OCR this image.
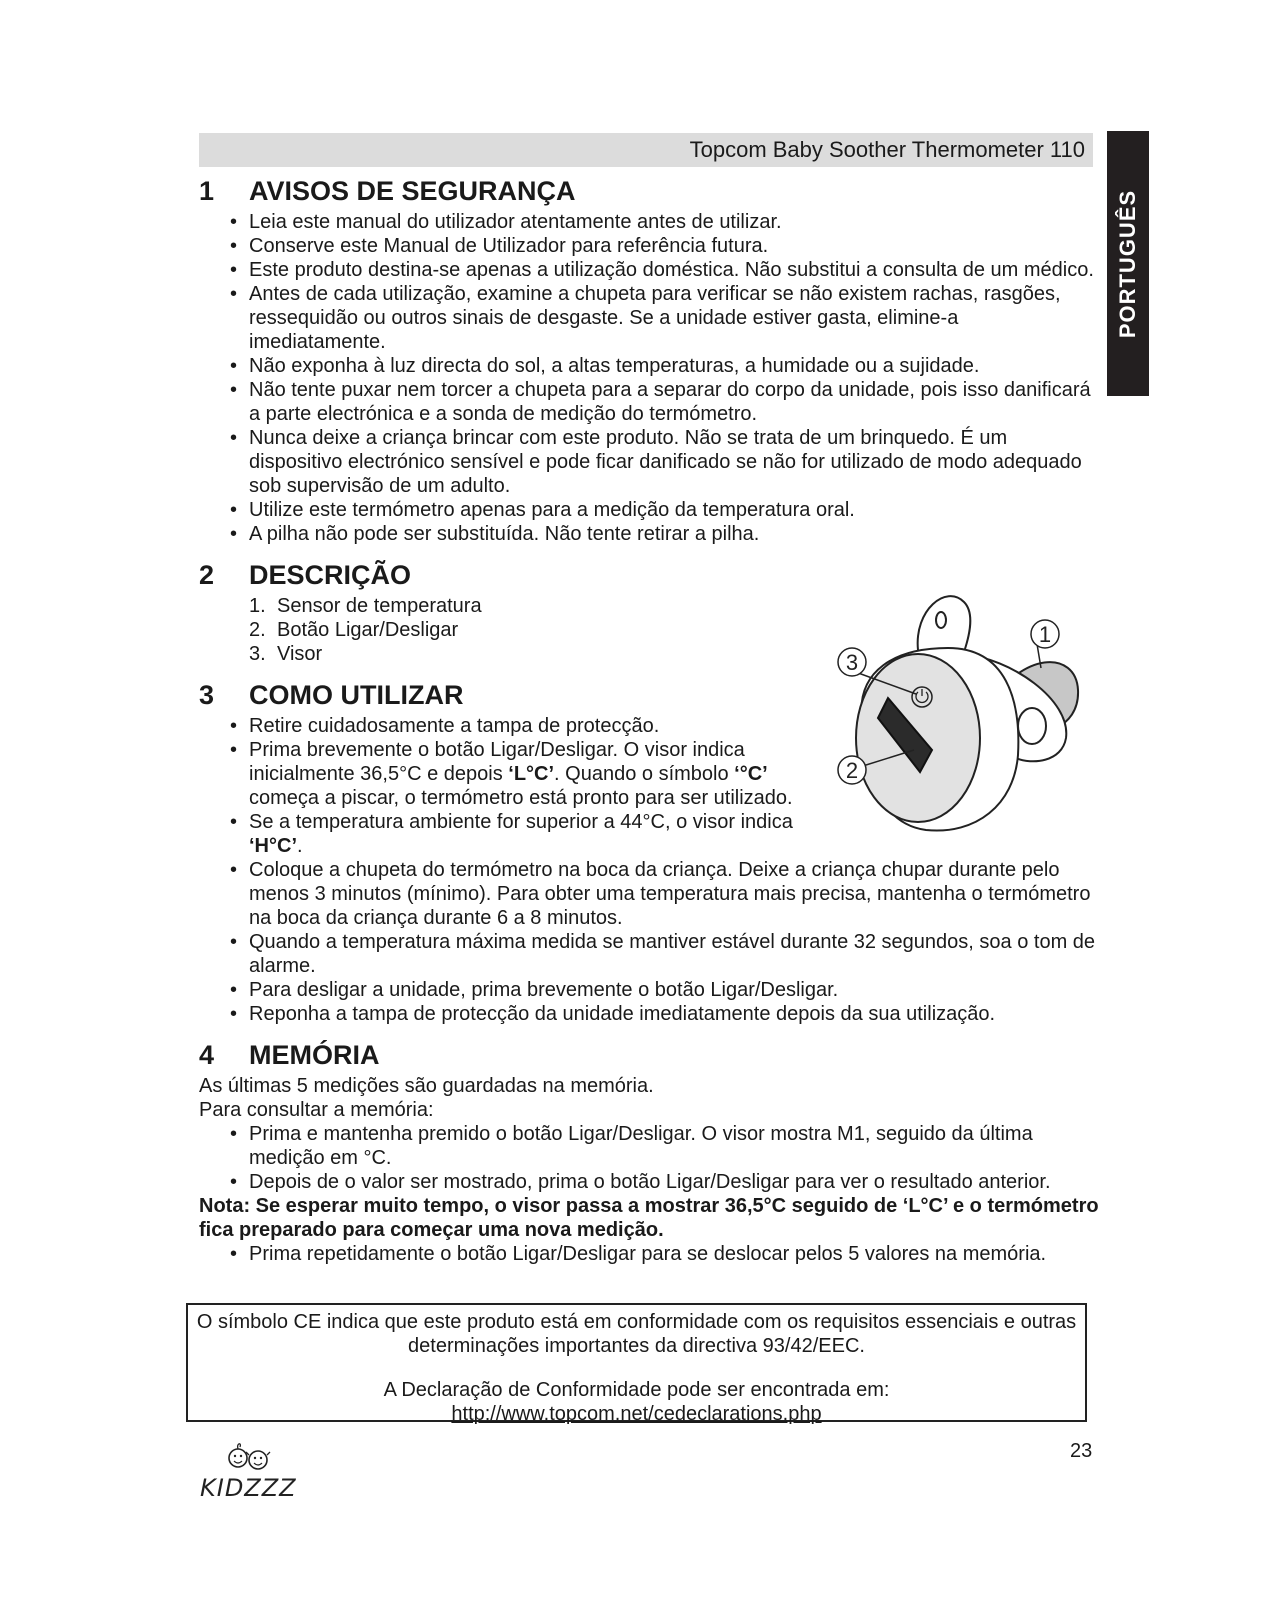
Topcom Baby Soother Thermometer 110
PORTUGUÊS
1	AVISOS DE SEGURANÇA
• Leia este manual do utilizador atentamente antes de utilizar.
• Conserve este Manual de Utilizador para referência futura.
• Este produto destina-se apenas a utilização doméstica. Não substitui a consulta de um médico.
• Antes de cada utilização, examine a chupeta para verificar se não existem rachas, rasgões, ressequidão ou outros sinais de desgaste. Se a unidade estiver gasta, elimine-a imediatamente.
• Não exponha à luz directa do sol, a altas temperaturas, a humidade ou a sujidade.
• Não tente puxar nem torcer a chupeta para a separar do corpo da unidade, pois isso danificará a parte electrónica e a sonda de medição do termómetro.
• Nunca deixe a criança brincar com este produto. Não se trata de um brinquedo. É um dispositivo electrónico sensível e pode ficar danificado se não for utilizado de modo adequado sob supervisão de um adulto.
• Utilize este termómetro apenas para a medição da temperatura oral.
• A pilha não pode ser substituída. Não tente retirar a pilha.
2	DESCRIÇÃO
1. Sensor de temperatura
2. Botão Ligar/Desligar
3. Visor
3	COMO UTILIZAR
• Retire cuidadosamente a tampa de protecção.
• Prima brevemente o botão Ligar/Desligar. O visor indica
inicialmente 36,5°C e depois ‘L°C’. Quando o símbolo ‘°C’
começa a piscar, o termómetro está pronto para ser utilizado.
• Se a temperatura ambiente for superior a 44°C, o visor indica
‘H°C’.
• Coloque a chupeta do termómetro na boca da criança. Deixe a criança chupar durante pelo menos 3 minutos (mínimo). Para obter uma temperatura mais precisa, mantenha o termómetro na boca da criança durante 6 a 8 minutos.
• Quando a temperatura máxima medida se mantiver estável durante 32 segundos, soa o tom de alarme.
• Para desligar a unidade, prima brevemente o botão Ligar/Desligar.
• Reponha a tampa de protecção da unidade imediatamente depois da sua utilização.
4	MEMÓRIA

As últimas 5 medições são guardadas na memória.

Para consultar a memória:

• Prima e mantenha premido o botão Ligar/Desligar. O visor mostra M1, seguido da última medição em °C.
• Depois de o valor ser mostrado, prima o botão Ligar/Desligar para ver o resultado anterior.

Nota: Se esperar muito tempo, o visor passa a mostrar 36,5°C seguido de ‘L°C’ e o termómetro fica preparado para começar uma nova medição.

• Prima repetidamente o botão Ligar/Desligar para se deslocar pelos 5 valores na memória.
1
2
3
O símbolo CE indica que este produto está em conformidade com os requisitos essenciais e outras
determinações importantes da directiva 93/42/EEC.
A Declaração de Conformidade pode ser encontrada em:
http://www.topcom.net/cedeclarations.php
23
KIDZZZ
